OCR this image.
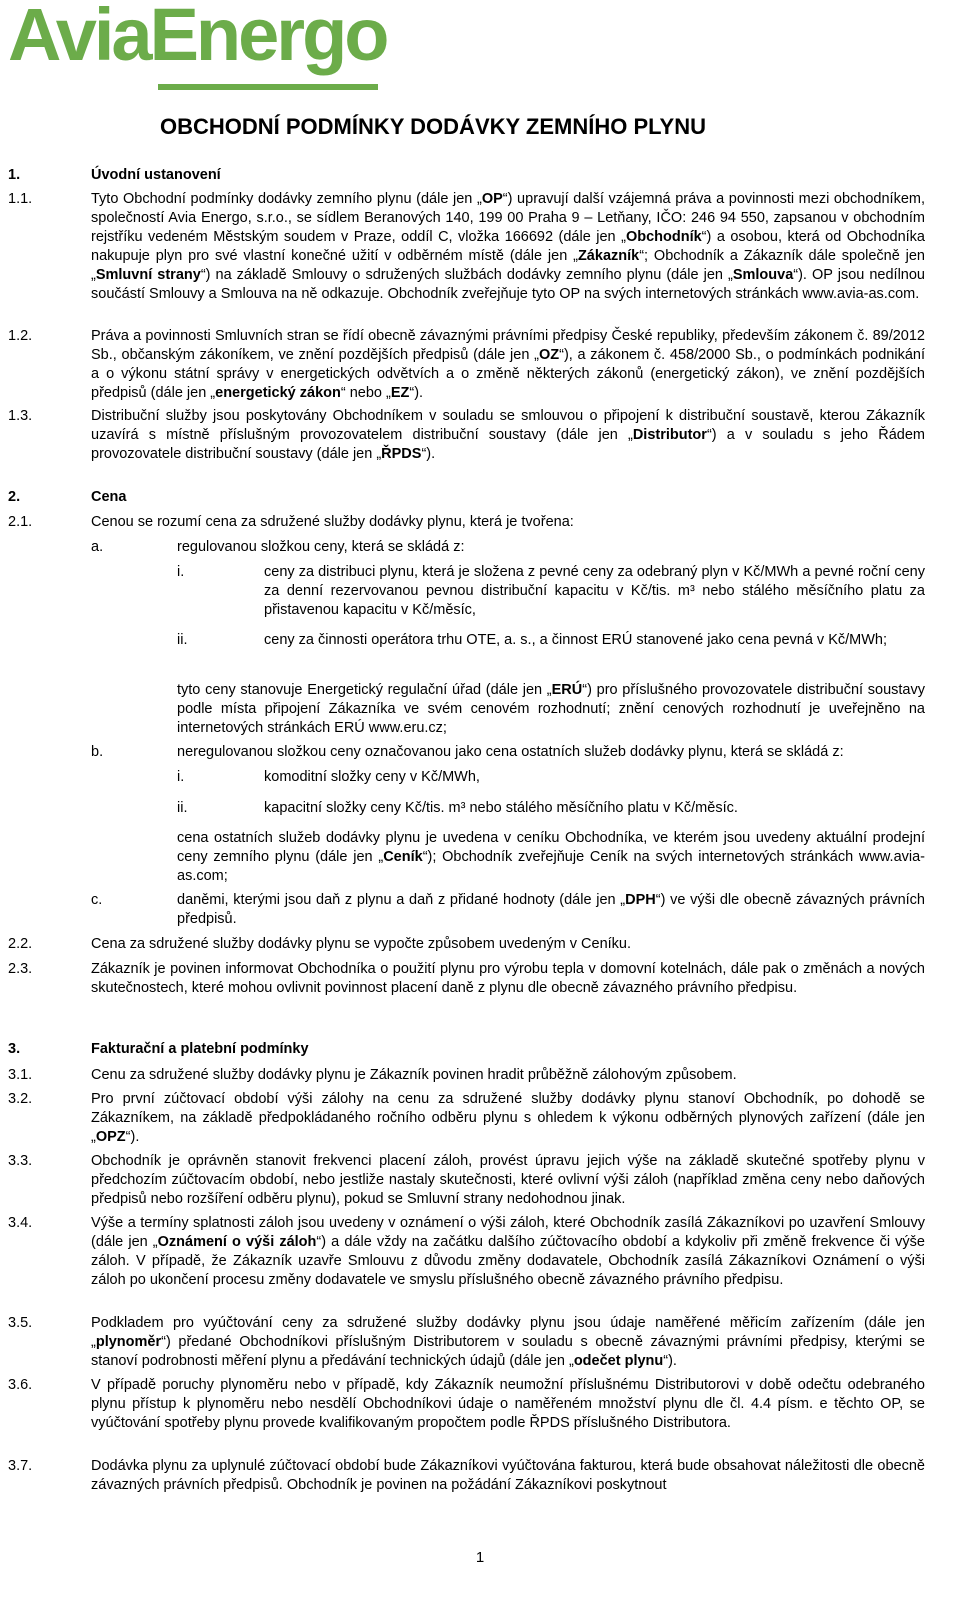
AviaEnergo
OBCHODNÍ PODMÍNKY DODÁVKY ZEMNÍHO PLYNU
1.	Úvodní ustanovení
1.1.	Tyto Obchodní podmínky dodávky zemního plynu (dále jen „OP“) upravují další vzájemná práva a povinnosti mezi obchodníkem, společností Avia Energo, s.r.o., se sídlem Beranových 140, 199 00 Praha 9 – Letňany, IČO: 246 94 550, zapsanou v obchodním rejstříku vedeném Městským soudem v Praze, oddíl C, vložka 166692 (dále jen „Obchodník“) a osobou, která od Obchodníka nakupuje plyn pro své vlastní konečné užití v odběrném místě (dále jen „Zákazník“; Obchodník a Zákazník dále společně jen „Smluvní strany“) na základě Smlouvy o sdružených službách dodávky zemního plynu (dále jen „Smlouva“). OP jsou nedílnou součástí Smlouvy a Smlouva na ně odkazuje. Obchodník zveřejňuje tyto OP na svých internetových stránkách www.avia-as.com.
1.2.	Práva a povinnosti Smluvních stran se řídí obecně závaznými právními předpisy České republiky, především zákonem č. 89/2012 Sb., občanským zákoníkem, ve znění pozdějších předpisů (dále jen „OZ“), a zákonem č. 458/2000 Sb., o podmínkách podnikání a o výkonu státní správy v energetických odvětvích a o změně některých zákonů (energetický zákon), ve znění pozdějších předpisů (dále jen „energetický zákon“ nebo „EZ“).
1.3.	Distribuční služby jsou poskytovány Obchodníkem v souladu se smlouvou o připojení k distribuční soustavě, kterou Zákazník uzavírá s místně příslušným provozovatelem distribuční soustavy (dále jen „Distributor“) a v souladu s jeho Řádem provozovatele distribuční soustavy (dále jen „ŘPDS“).
2.	Cena
2.1.	Cenou se rozumí cena za sdružené služby dodávky plynu, která je tvořena:
a.	regulovanou složkou ceny, která se skládá z:
i.	ceny za distribuci plynu, která je složena z pevné ceny za odebraný plyn v Kč/MWh a pevné roční ceny za denní rezervovanou pevnou distribuční kapacitu v Kč/tis. m³ nebo stálého měsíčního platu za přistavenou kapacitu v Kč/měsíc,
ii.	ceny za činnosti operátora trhu OTE, a. s., a činnost ERÚ stanovené jako cena pevná v Kč/MWh;
tyto ceny stanovuje Energetický regulační úřad (dále jen „ERÚ“) pro příslušného provozovatele distribuční soustavy podle místa připojení Zákazníka ve svém cenovém rozhodnutí; znění cenových rozhodnutí je uveřejněno na internetových stránkách ERÚ www.eru.cz;
b.	neregulovanou složkou ceny označovanou jako cena ostatních služeb dodávky plynu, která se skládá z:
i.	komoditní složky ceny v Kč/MWh,
ii.	kapacitní složky ceny Kč/tis. m³ nebo stálého měsíčního platu v Kč/měsíc.
cena ostatních služeb dodávky plynu je uvedena v ceníku Obchodníka, ve kterém jsou uvedeny aktuální prodejní ceny zemního plynu (dále jen „Ceník“); Obchodník zveřejňuje Ceník na svých internetových stránkách www.avia-as.com;
c.	daněmi, kterými jsou daň z plynu a daň z přidané hodnoty (dále jen „DPH“) ve výši dle obecně závazných právních předpisů.
2.2.	Cena za sdružené služby dodávky plynu se vypočte způsobem uvedeným v Ceníku.
2.3.	Zákazník je povinen informovat Obchodníka o použití plynu pro výrobu tepla v domovní kotelnách, dále pak o změnách a nových skutečnostech, které mohou ovlivnit povinnost placení daně z plynu dle obecně závazného právního předpisu.
3.	Fakturační a platební podmínky
3.1.	Cenu za sdružené služby dodávky plynu je Zákazník povinen hradit průběžně zálohovým způsobem.
3.2.	Pro první zúčtovací období výši zálohy na cenu za sdružené služby dodávky plynu stanoví Obchodník, po dohodě se Zákazníkem, na základě předpokládaného ročního odběru plynu s ohledem k výkonu odběrných plynových zařízení (dále jen „OPZ“).
3.3.	Obchodník je oprávněn stanovit frekvenci placení záloh, provést úpravu jejich výše na základě skutečné spotřeby plynu v předchozím zúčtovacím období, nebo jestliže nastaly skutečnosti, které ovlivní výši záloh (například změna ceny nebo daňových předpisů nebo rozšíření odběru plynu), pokud se Smluvní strany nedohodnou jinak.
3.4.	Výše a termíny splatnosti záloh jsou uvedeny v oznámení o výši záloh, které Obchodník zasílá Zákazníkovi po uzavření Smlouvy (dále jen „Oznámení o výši záloh“) a dále vždy na začátku dalšího zúčtovacího období a kdykoliv při změně frekvence či výše záloh. V případě, že Zákazník uzavře Smlouvu z důvodu změny dodavatele, Obchodník zasílá Zákazníkovi Oznámení o výši záloh po ukončení procesu změny dodavatele ve smyslu příslušného obecně závazného právního předpisu.
3.5.	Podkladem pro vyúčtování ceny za sdružené služby dodávky plynu jsou údaje naměřené měřicím zařízením (dále jen „plynoměr“) předané Obchodníkovi příslušným Distributorem v souladu s obecně závaznými právními předpisy, kterými se stanoví podrobnosti měření plynu a předávání technických údajů (dále jen „odečet plynu“).
3.6.	V případě poruchy plynoměru nebo v případě, kdy Zákazník neumožní příslušnému Distributorovi v době odečtu odebraného plynu přístup k plynoměru nebo nesdělí Obchodníkovi údaje o naměřeném množství plynu dle čl. 4.4 písm. e těchto OP, se vyúčtování spotřeby plynu provede kvalifikovaným propočtem podle ŘPDS příslušného Distributora.
3.7.	Dodávka plynu za uplynulé zúčtovací období bude Zákazníkovi vyúčtována fakturou, která bude obsahovat náležitosti dle obecně závazných právních předpisů. Obchodník je povinen na požádání Zákazníkovi poskytnout
1
